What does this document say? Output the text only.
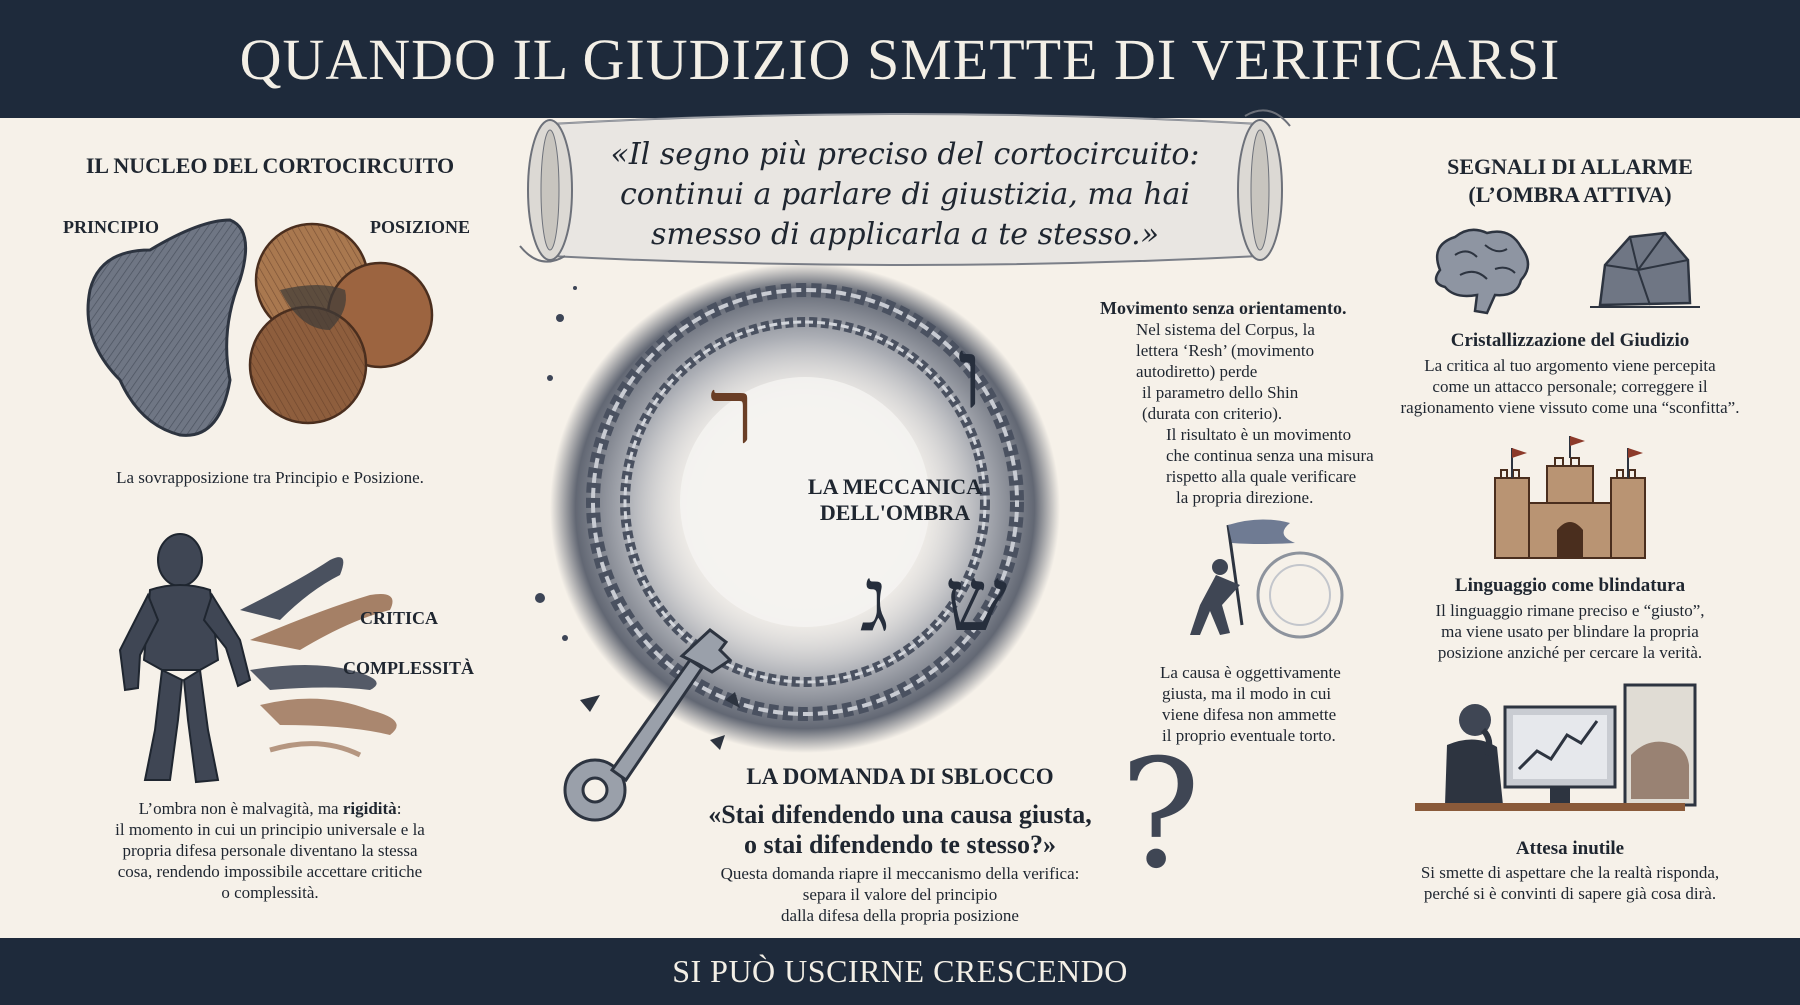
QUANDO IL GIUDIZIO SMETTE DI VERIFICARSI
«Il segno più preciso del cortocircuito:
continui a parlare di giustizia, ma hai
smesso di applicarla a te stesso.»
IL NUCLEO DEL CORTOCIRCUITO
PRINCIPIO	POSIZIONE
La sovrapposizione tra Principio e Posizione.
CRITICA
COMPLESSITÀ
L’ombra non è malvagità, ma rigidità:
il momento in cui un principio universale e la
propria difesa personale diventano la stessa
cosa, rendendo impossibile accettare critiche
o complessità.
ר ו
ש
ג
LA MECCANICA
DELL'OMBRA
Movimento senza orientamento.
Nel sistema del Corpus, la
lettera ‘Resh’ (movimento
autodiretto) perde
il parametro dello Shin
(durata con criterio).
Il risultato è un movimento
che continua senza una misura
rispetto alla quale verificare
la propria direzione.
La causa è oggettivamente
giusta, ma il modo in cui
viene difesa non ammette
il proprio eventuale torto.
LA DOMANDA DI SBLOCCO
«Stai difendendo una causa giusta,
o stai difendendo te stesso?»
Questa domanda riapre il meccanismo della verifica:
separa il valore del principio
dalla difesa della propria posizione
?
SEGNALI DI ALLARME
(L’OMBRA ATTIVA)
Cristallizzazione del Giudizio
La critica al tuo argomento viene percepita
come un attacco personale; correggere il
ragionamento viene vissuto come una “sconfitta”.
Linguaggio come blindatura
Il linguaggio rimane preciso e “giusto”,
ma viene usato per blindare la propria
posizione anziché per cercare la verità.
Attesa inutile
Si smette di aspettare che la realtà risponda,
perché si è convinti di sapere già cosa dirà.
SI PUÒ USCIRNE CRESCENDO
